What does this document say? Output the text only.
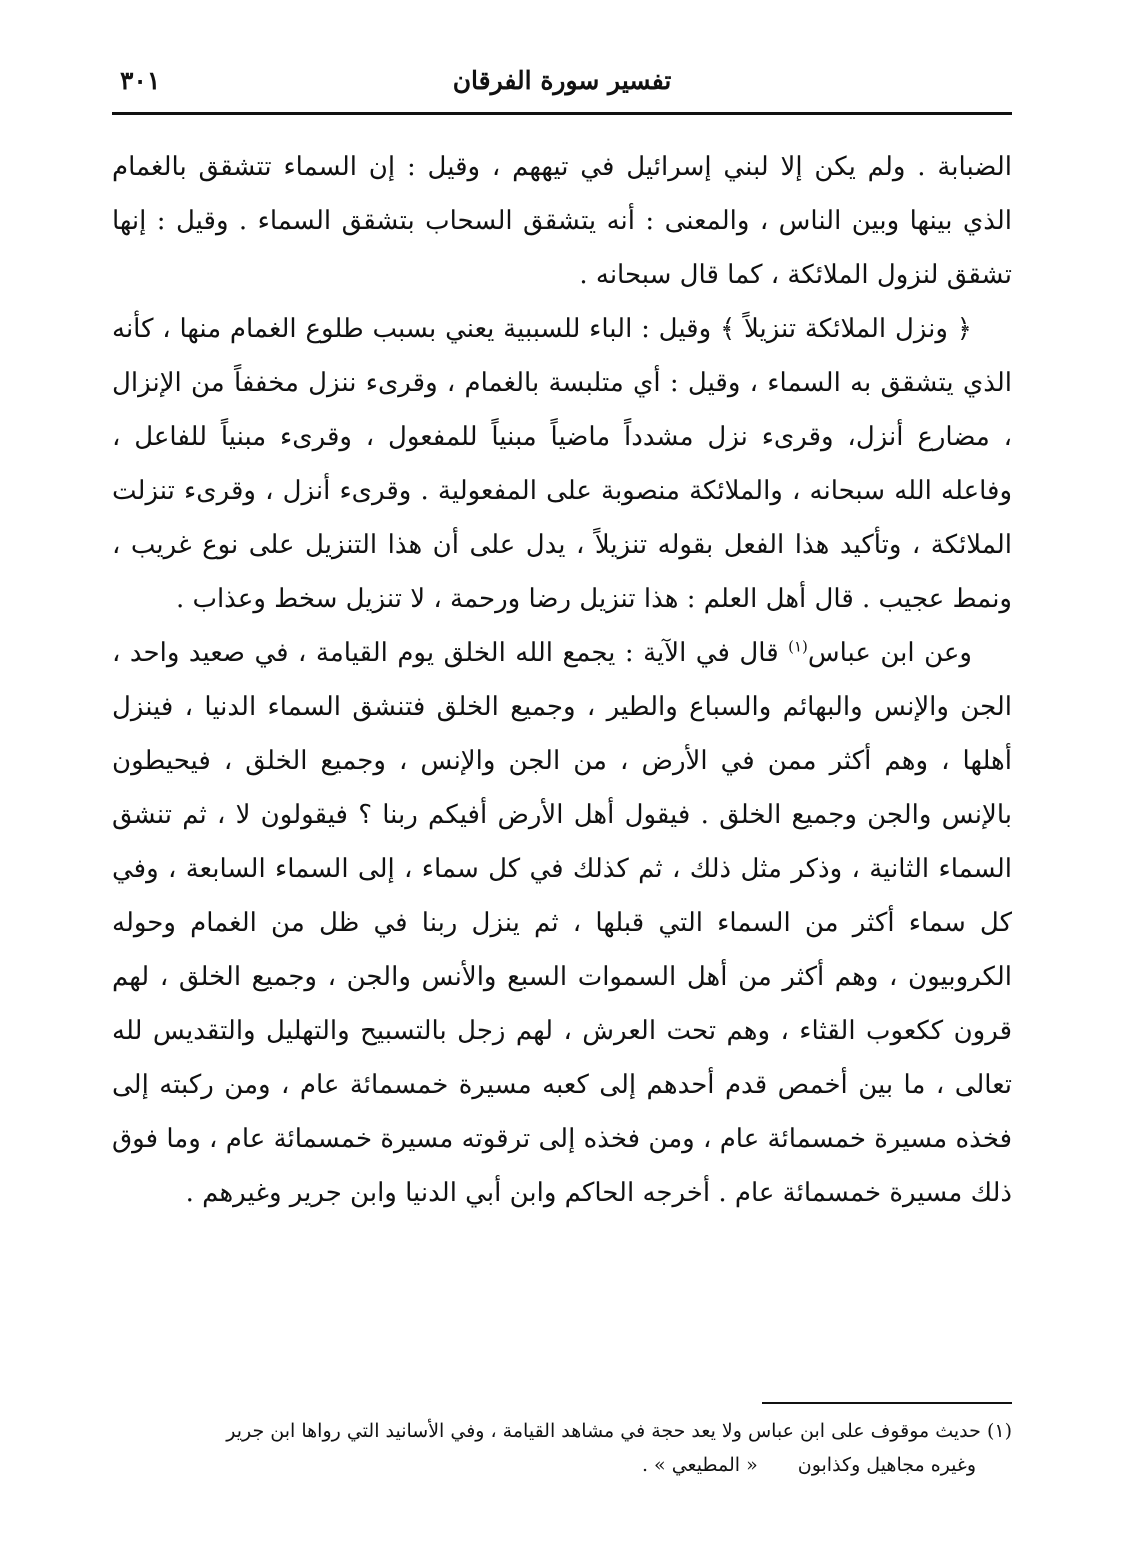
تفسير سورة الفرقان
٣٠١

الضبابة . ولم يكن إلا لبني إسرائيل في تيههم ، وقيل : إن السماء تتشقق بالغمام الذي بينها وبين الناس ، والمعنى : أنه يتشقق السحاب بتشقق السماء . وقيل : إنها تشقق لنزول الملائكة ، كما قال سبحانه .

﴿ ونزل الملائكة تنزيلاً ﴾ وقيل : الباء للسببية يعني بسبب طلوع الغمام منها ، كأنه الذي يتشقق به السماء ، وقيل : أي متلبسة بالغمام ، وقرىء ننزل مخففاً من الإنزال ، مضارع أنزل، وقرىء نزل مشدداً ماضياً مبنياً للمفعول ، وقرىء مبنياً للفاعل ، وفاعله الله سبحانه ، والملائكة منصوبة على المفعولية . وقرىء أنزل ، وقرىء تنزلت الملائكة ، وتأكيد هذا الفعل بقوله تنزيلاً ، يدل على أن هذا التنزيل على نوع غريب ، ونمط عجيب . قال أهل العلم : هذا تنزيل رضا ورحمة ، لا تنزيل سخط وعذاب .

وعن ابن عباس$^{(١)}$ قال في الآية : يجمع الله الخلق يوم القيامة ، في صعيد واحد ، الجن والإنس والبهائم والسباع والطير ، وجميع الخلق فتنشق السماء الدنيا ، فينزل أهلها ، وهم أكثر ممن في الأرض ، من الجن والإنس ، وجميع الخلق ، فيحيطون بالإنس والجن وجميع الخلق . فيقول أهل الأرض أفيكم ربنا ؟ فيقولون لا ، ثم تنشق السماء الثانية ، وذكر مثل ذلك ، ثم كذلك في كل سماء ، إلى السماء السابعة ، وفي كل سماء أكثر من السماء التي قبلها ، ثم ينزل ربنا في ظل من الغمام وحوله الكروبيون ، وهم أكثر من أهل السموات السبع والأنس والجن ، وجميع الخلق ، لهم قرون ككعوب القثاء ، وهم تحت العرش ، لهم زجل بالتسبيح والتهليل والتقديس لله تعالى ، ما بين أخمص قدم أحدهم إلى كعبه مسيرة خمسمائة عام ، ومن ركبته إلى فخذه مسيرة خمسمائة عام ، ومن فخذه إلى ترقوته مسيرة خمسمائة عام ، وما فوق ذلك مسيرة خمسمائة عام . أخرجه الحاكم وابن أبي الدنيا وابن جرير وغيرهم .

(١) حديث موقوف على ابن عباس ولا يعد حجة في مشاهد القيامة ، وفي الأسانيد التي رواها ابن جرير
وغيره مجاهيل وكذابون« المطيعي » .
